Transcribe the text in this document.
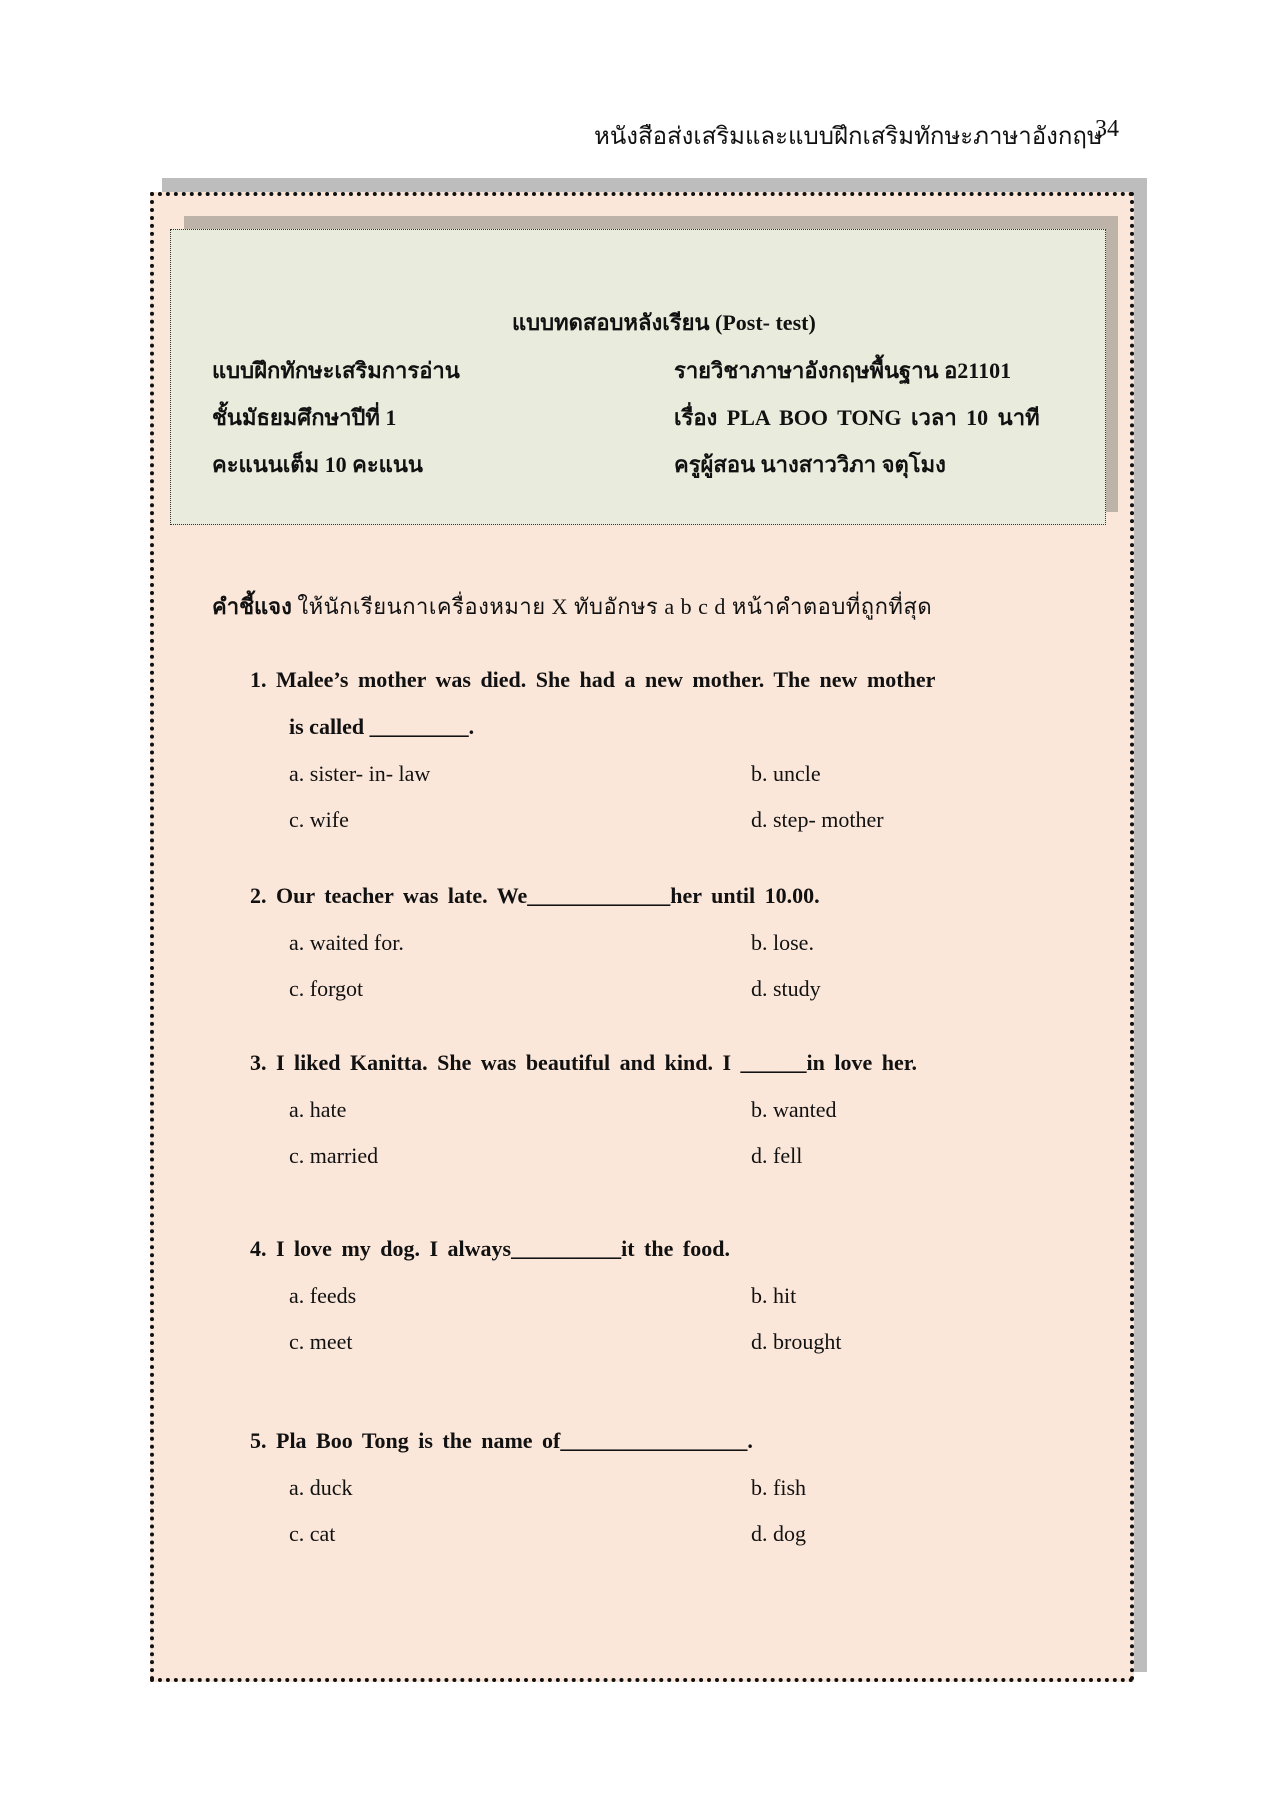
หนังสือส่งเสริมและแบบฝึกเสริมทักษะภาษาอังกฤษ
34
แบบทดสอบหลังเรียน (Post- test)
แบบฝึกทักษะเสริมการอ่าน	รายวิชาภาษาอังกฤษพื้นฐาน อ21101
ชั้นมัธยมศึกษาปีที่ 1	เรื่อง PLA BOO TONG เวลา 10 นาที
คะแนนเต็ม 10 คะแนน	ครูผู้สอน นางสาววิภา จตุโมง
คำชี้แจง ให้นักเรียนกาเครื่องหมาย X ทับอักษร a b c d หน้าคำตอบที่ถูกที่สุด
1. Malee’s mother was died. She had a new mother. The new mother
is called _________.
a. sister- in- law	b. uncle
c. wife	d. step- mother
2. Our teacher was late. We_____________her until 10.00.
a. waited for.	b. lose.
c. forgot	d. study
3. I liked Kanitta. She was beautiful and kind. I ______in love her.
a. hate	b. wanted
c. married	d. fell
4. I love my dog. I always__________it the food.
a. feeds	b. hit
c. meet	d. brought
5. Pla Boo Tong is the name of_________________.
a. duck	b. fish
c. cat	d. dog
